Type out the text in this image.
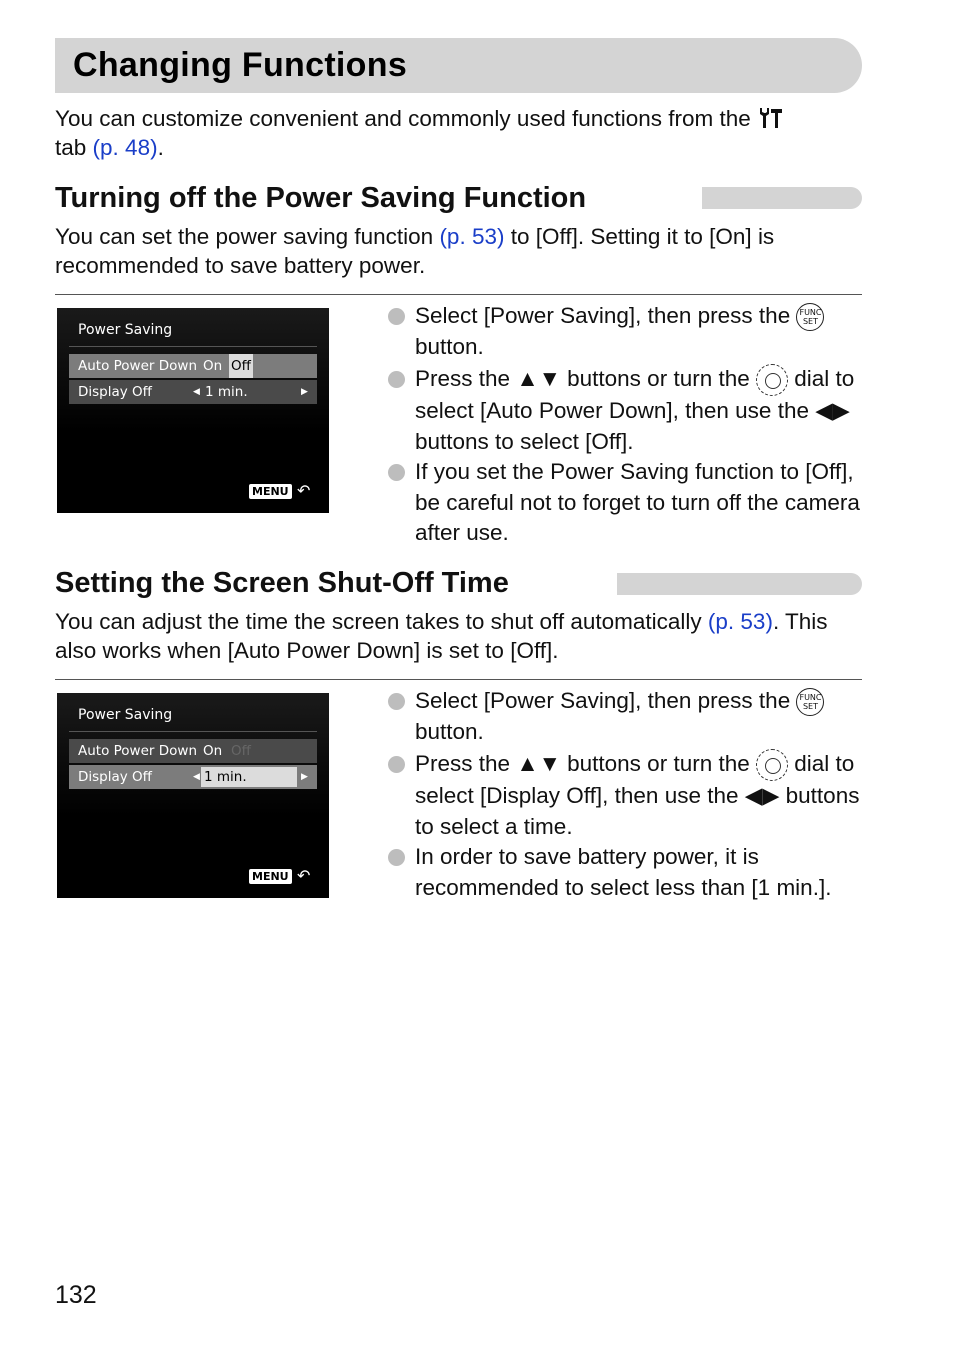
Changing Functions
You can customize convenient and commonly used functions from the
tab (p. 48).
Turning off the Power Saving Function
You can set the power saving function (p. 53) to [Off]. Setting it to [On] is recommended to save battery power.
Power Saving
Auto Power Down On Off
Display Off	◀ 1 min.	▶
MENU ↶
Select [Power Saving], then press the FUNC SET button.
Press the ▲▼ buttons or turn the dial to select [Auto Power Down], then use the ◀▶ buttons to select [Off].
If you set the Power Saving function to [Off], be careful not to forget to turn off the camera after use.
Setting the Screen Shut-Off Time
You can adjust the time the screen takes to shut off automatically (p. 53). This also works when [Auto Power Down] is set to [Off].
Power Saving
Auto Power Down On Off
Display Off	◀ 1 min.	▶
MENU ↶
Select [Power Saving], then press the FUNC SET button.
Press the ▲▼ buttons or turn the dial to select [Display Off], then use the ◀▶ buttons to select a time.
In order to save battery power, it is recommended to select less than [1 min.].
132
